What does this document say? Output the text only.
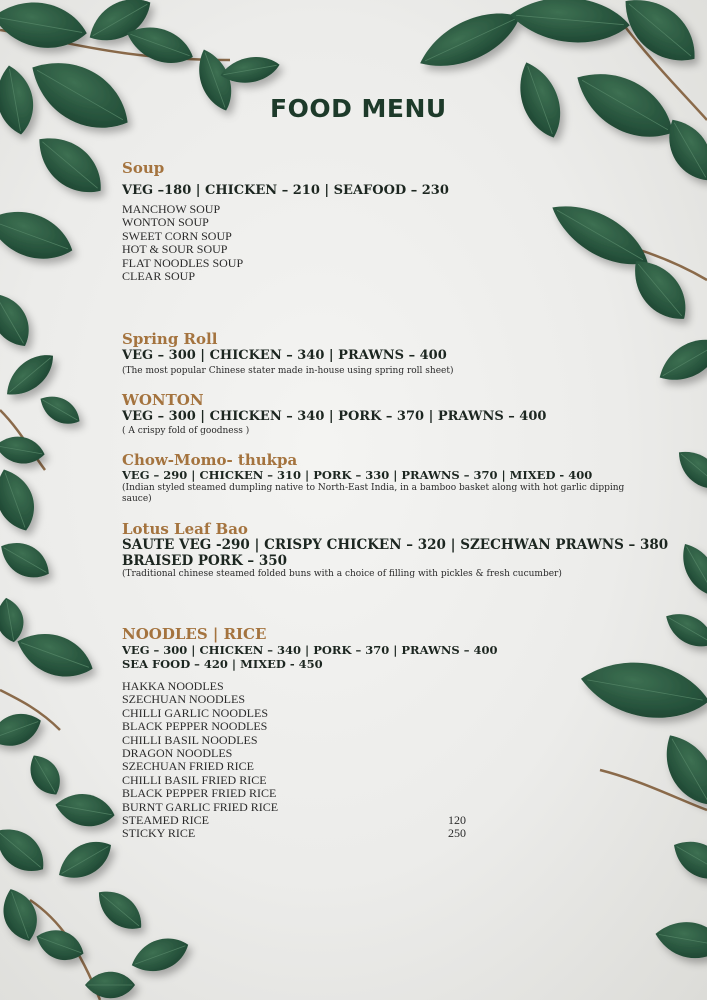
FOOD MENU
Soup

VEG –180 | CHICKEN – 210 | SEAFOOD – 230

MANCHOW SOUP
WONTON SOUP
SWEET CORN SOUP
HOT & SOUR SOUP
FLAT NOODLES SOUP
CLEAR SOUP
Spring Roll

VEG – 300 | CHICKEN – 340 | PRAWNS – 400

(The most popular Chinese stater made in-house using spring roll sheet)

WONTON

VEG – 300 | CHICKEN – 340 | PORK – 370 | PRAWNS – 400

( A crispy fold of goodness )

Chow-Momo- thukpa

VEG – 290 | CHICKEN – 310 | PORK – 330 | PRAWNS – 370 | MIXED - 400

(Indian styled steamed dumpling native to North-East India, in a bamboo basket along with hot garlic dipping sauce)

Lotus Leaf Bao

SAUTE VEG -290 | CRISPY CHICKEN – 320 | SZECHWAN PRAWNS – 380

BRAISED PORK – 350

(Traditional chinese steamed folded buns with a choice of filling with pickles & fresh cucumber)

NOODLES | RICE

VEG – 300 | CHICKEN – 340 | PORK – 370 | PRAWNS – 400

SEA FOOD – 420 | MIXED - 450

HAKKA NOODLES
SZECHUAN NOODLES
CHILLI GARLIC NOODLES
BLACK PEPPER NOODLES
CHILLI BASIL NOODLES
DRAGON NOODLES
SZECHUAN FRIED RICE
CHILLI BASIL FRIED RICE
BLACK PEPPER FRIED RICE
BURNT GARLIC FRIED RICE
STEAMED RICE	120
STICKY RICE	250
